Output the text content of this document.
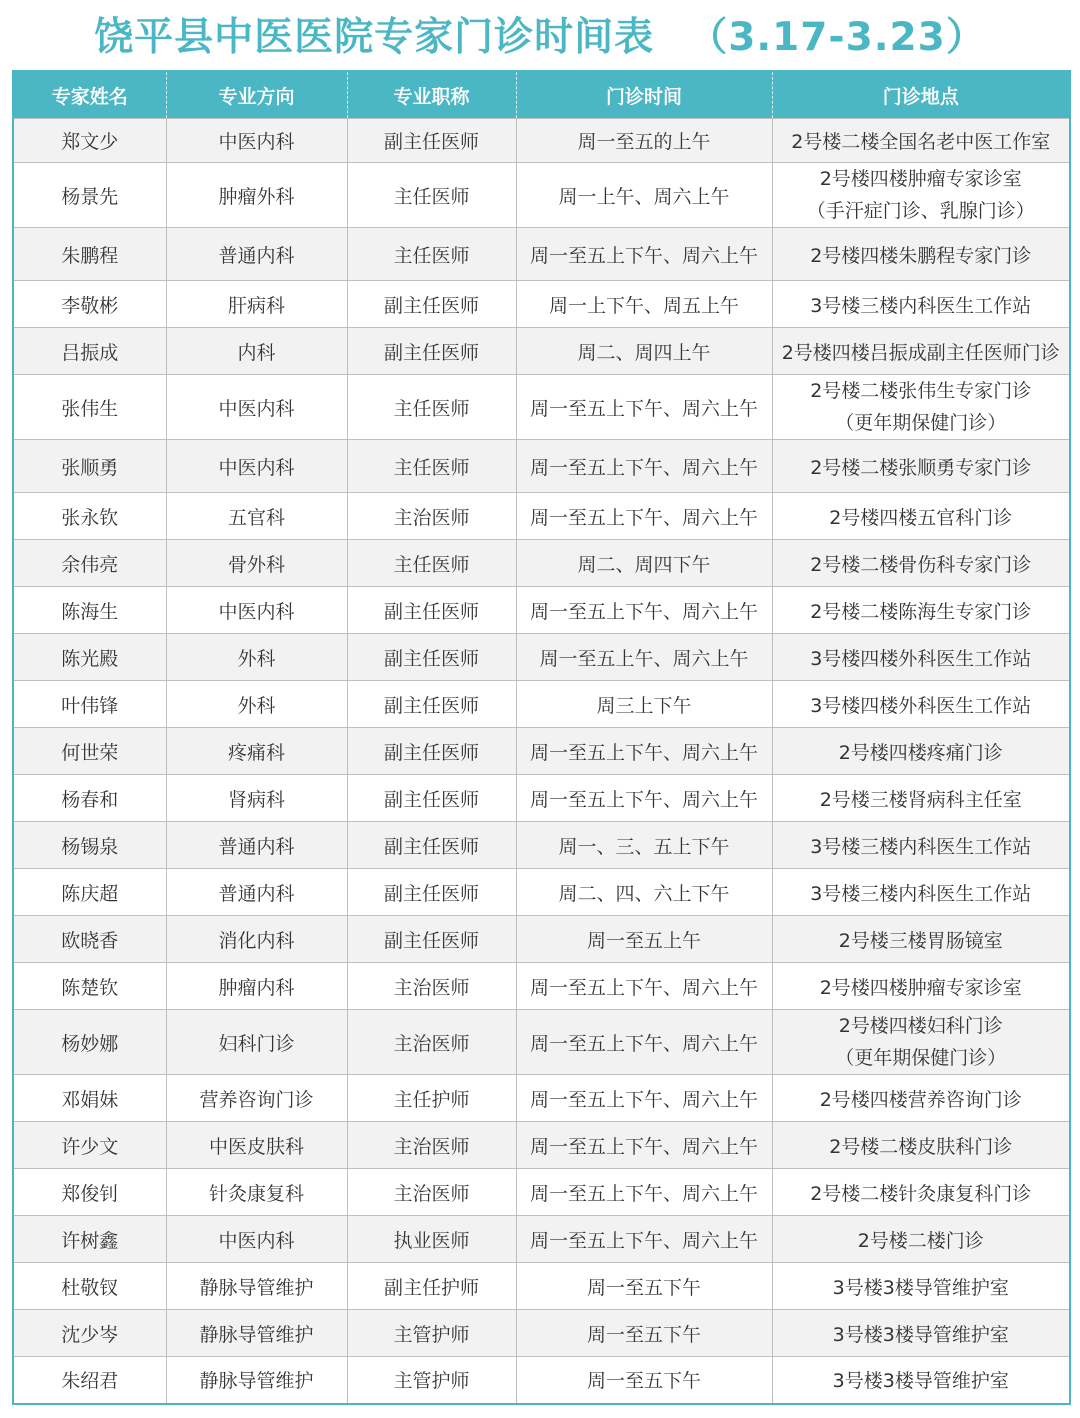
饶平县中医医院专家门诊时间表 （3.17-3.23）
专家姓名	专业方向	专业职称	门诊时间	门诊地点
郑文少	中医内科	副主任医师	周一至五的上午	2号楼二楼全国名老中医工作室
杨景先	肿瘤外科	主任医师	周一上午、周六上午	2号楼四楼肿瘤专家诊室
（手汗症门诊、乳腺门诊）

朱鹏程	普通内科	主任医师	周一至五上下午、周六上午	2号楼四楼朱鹏程专家门诊
李敬彬	肝病科	副主任医师	周一上下午、周五上午	3号楼三楼内科医生工作站
吕振成	内科	副主任医师	周二、周四上午	2号楼四楼吕振成副主任医师门诊
张伟生	中医内科	主任医师	周一至五上下午、周六上午	2号楼二楼张伟生专家门诊
（更年期保健门诊）

张顺勇	中医内科	主任医师	周一至五上下午、周六上午	2号楼二楼张顺勇专家门诊
张永钦	五官科	主治医师	周一至五上下午、周六上午	2号楼四楼五官科门诊
余伟亮	骨外科	主任医师	周二、周四下午	2号楼二楼骨伤科专家门诊
陈海生	中医内科	副主任医师	周一至五上下午、周六上午	2号楼二楼陈海生专家门诊
陈光殿	外科	副主任医师	周一至五上午、周六上午	3号楼四楼外科医生工作站
叶伟锋	外科	副主任医师	周三上下午	3号楼四楼外科医生工作站
何世荣	疼痛科	副主任医师	周一至五上下午、周六上午	2号楼四楼疼痛门诊
杨春和	肾病科	副主任医师	周一至五上下午、周六上午	2号楼三楼肾病科主任室
杨锡泉	普通内科	副主任医师	周一、三、五上下午	3号楼三楼内科医生工作站
陈庆超	普通内科	副主任医师	周二、四、六上下午	3号楼三楼内科医生工作站
欧晓香	消化内科	副主任医师	周一至五上午	2号楼三楼胃肠镜室
陈楚钦	肿瘤内科	主治医师	周一至五上下午、周六上午	2号楼四楼肿瘤专家诊室
杨妙娜	妇科门诊	主治医师	周一至五上下午、周六上午	2号楼四楼妇科门诊
（更年期保健门诊）

邓娟妹	营养咨询门诊	主任护师	周一至五上下午、周六上午	2号楼四楼营养咨询门诊
许少文	中医皮肤科	主治医师	周一至五上下午、周六上午	2号楼二楼皮肤科门诊
郑俊钊	针灸康复科	主治医师	周一至五上下午、周六上午	2号楼二楼针灸康复科门诊
许树鑫	中医内科	执业医师	周一至五上下午、周六上午	2号楼二楼门诊
杜敬钗	静脉导管维护	副主任护师	周一至五下午	3号楼3楼导管维护室
沈少岑	静脉导管维护	主管护师	周一至五下午	3号楼3楼导管维护室
朱绍君	静脉导管维护	主管护师	周一至五下午	3号楼3楼导管维护室
